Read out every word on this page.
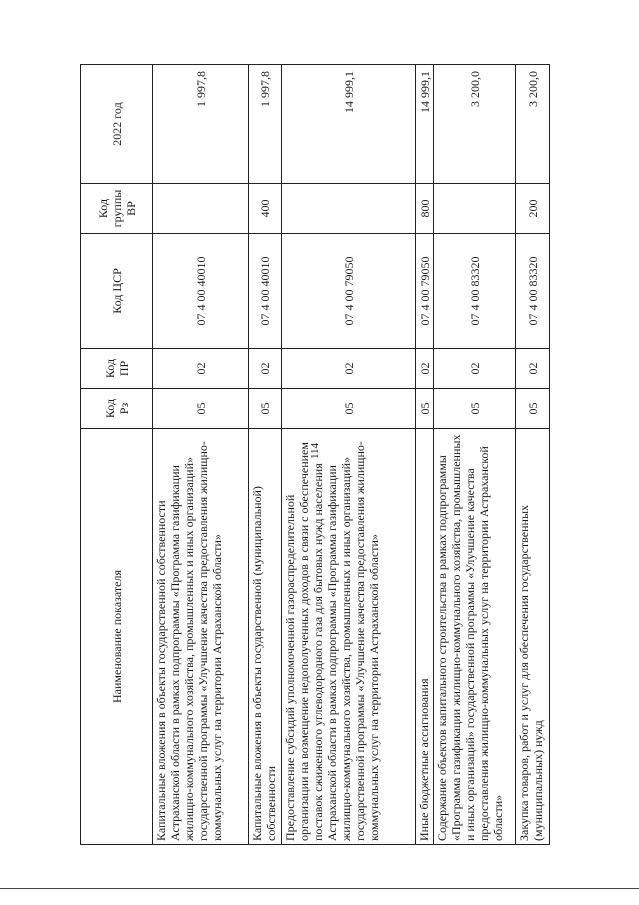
114
Наименование показателя	Код Рз	Код ПР	Код ЦСР	Код группы ВР	2022 год
Капитальные вложения в объекты государственной собственности Астраханской области в рамках подпрограммы «Программа газификации жилищно-коммунального хозяйства, промышленных и иных организаций» государственной программы «Улучшение качества предоставления жилищно-коммунальных услуг на территории Астраханской области»	05	02	07 4 00 40010		1 997,8
Капитальные вложения в объекты государственной (муниципальной) собственности	05	02	07 4 00 40010	400	1 997,8
Предоставление субсидий уполномоченной газораспределительной организации на возмещение недополученных доходов в связи с обеспечением поставок сжиженного углеводородного газа для бытовых нужд населения Астраханской области в рамках подпрограммы «Программа газификации жилищно-коммунального хозяйства, промышленных и иных организаций» государственной программы «Улучшение качества предоставления жилищно-коммунальных услуг на территории Астраханской области»	05	02	07 4 00 79050		14 999,1
Иные бюджетные ассигнования	05	02	07 4 00 79050	800	14 999,1
Содержание объектов капитального строительства в рамках подпрограммы «Программа газификации жилищно-коммунального хозяйства, промышленных и иных организаций» государственной программы «Улучшение качества предоставления жилищно-коммунальных услуг на территории Астраханской области»	05	02	07 4 00 83320		3 200,0
Закупка товаров, работ и услуг для обеспечения государственных (муниципальных) нужд	05	02	07 4 00 83320	200	3 200,0
